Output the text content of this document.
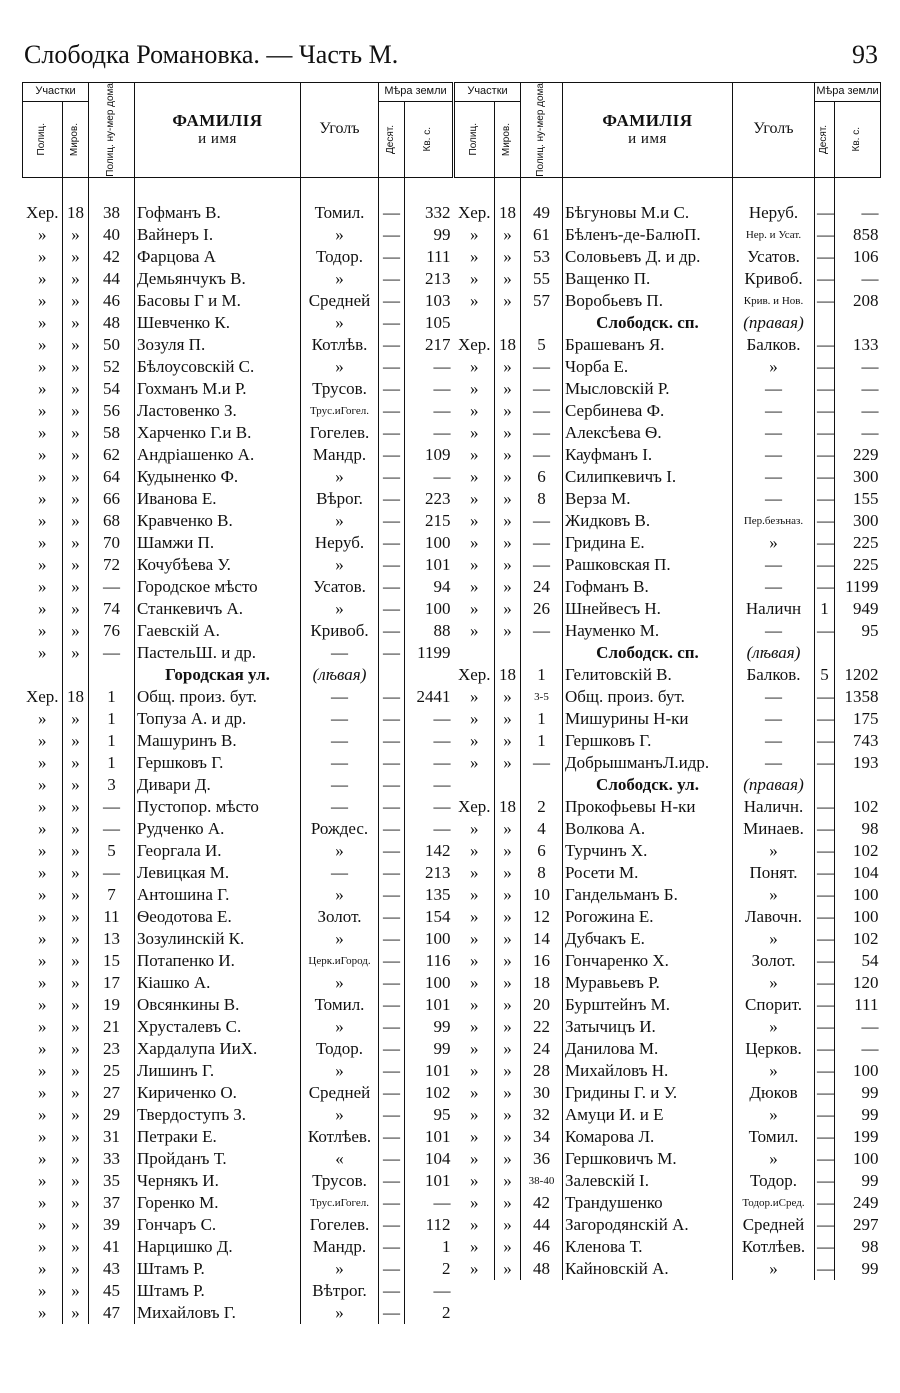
Слободка Романовка. — Часть М.	93
Участки		Полиц. ну-мер дома	ФАМИЛІЯ
и имя	Уголъ	Мѣра земли	

Полиц.	Миров.				Десят.	Кв. с.

Хер.	18	38	Гофманъ В.	Томил.	—	332
»	»	40	Вайнеръ І.	»	—	99
»	»	42	Фарцова А	Тодор.	—	111
»	»	44	Демьянчукъ В.	»	—	213
»	»	46	Басовы Г и М.	Средней	—	103
»	»	48	Шевченко К.	»	—	105
»	»	50	Зозуля П.	Котлѣв.	—	217
»	»	52	Бѣлоусовскій С.	»	—	—
»	»	54	Гохманъ М.и Р.	Трусов.	—	—
»	»	56	Ластовенко З.	Трус.иГогел.	—	—
»	»	58	Харченко Г.и В.	Гогелев.	—	—
»	»	62	Андріашенко А.	Мандр.	—	109
»	»	64	Кудыненко Ф.	»	—	—
»	»	66	Иванова Е.	Вѣрог.	—	223
»	»	68	Кравченко В.	»	—	215
»	»	70	Шамжи П.	Неруб.	—	100
»	»	72	Кочубѣева У.	»	—	101
»	»	—	Городское мѣсто	Усатов.	—	94
»	»	74	Станкевичъ А.	»	—	100
»	»	76	Гаевскій А.	Кривоб.	—	88
»	»	—	ПастельШ. и др.	—	—	1199
			Городская ул.	(лѣвая)		
Хер.	18	1	Общ. произ. бут.	—	—	2441
»	»	1	Топуза А. и др.	—	—	—
»	»	1	Машуринъ В.	—	—	—
»	»	1	Гершковъ Г.	—	—	—
»	»	3	Дивари Д.	—	—	—
»	»	—	Пустопор. мѣсто	—	—	—
»	»	—	Рудченко А.	Рождес.	—	—
»	»	5	Георгала И.	»	—	142
»	»	—	Левицкая М.	—	—	213
»	»	7	Антошина Г.	»	—	135
»	»	11	Ѳеодотова Е.	Золот.	—	154
»	»	13	Зозулинскій К.	»	—	100
»	»	15	Потапенко И.	Церк.иГород.	—	116
»	»	17	Кіашко А.	»	—	100
»	»	19	Овсянкины В.	Томил.	—	101
»	»	21	Хрусталевъ С.	»	—	99
»	»	23	Хардалупа ИиХ.	Тодор.	—	99
»	»	25	Лишинъ Г.	»	—	101
»	»	27	Кириченко О.	Средней	—	102
»	»	29	Твердоступъ З.	»	—	95
»	»	31	Петраки Е.	Котлѣев.	—	101
»	»	33	Пройданъ Т.	«	—	104
»	»	35	Чернякъ И.	Трусов.	—	101
»	»	37	Горенко М.	Трус.иГогел.	—	—
»	»	39	Гончаръ С.	Гогелев.	—	112
»	»	41	Нарцишко Д.	Мандр.	—	1
»	»	43	Штамъ Р.	»	—	2
»	»	45	Штамъ Р.	Вѣтрог.	—	—
»	»	47	Михайловъ Г.	»	—	2
Участки		Полиц. ну-мер дома	ФАМИЛІЯ
и имя	Уголъ	Мѣра земли	

Полиц.	Миров.				Десят.	Кв. с.

Хер.	18	49	Бѣгуновы М.и С.	Неруб.	—	—
»	»	61	Бѣленъ-де-БалюП.	Нер. и Усат.	—	858
»	»	53	Соловьевъ Д. и др.	Усатов.	—	106
»	»	55	Ващенко П.	Кривоб.	—	—
»	»	57	Воробьевъ П.	Крив. и Нов.	—	208
			Слободск. сп.	(правая)		
Хер.	18	5	Брашеванъ Я.	Балков.	—	133
»	»	—	Чорба Е.	»	—	—
»	»	—	Мысловскій Р.	—	—	—
»	»	—	Сербинева Ф.	—	—	—
»	»	—	Алексѣева Ѳ.	—	—	—
»	»	—	Кауфманъ І.	—	—	229
»	»	6	Силипкевичъ І.	—	—	300
»	»	8	Верза М.	—	—	155
»	»	—	Жидковъ В.	Пер.безъназ.	—	300
»	»	—	Гридина Е.	»	—	225
»	»	—	Рашковская П.	—	—	225
»	»	24	Гофманъ В.	—	—	1199
»	»	26	Шнейвесъ Н.	Наличн	1	949
»	»	—	Науменко М.	—	—	95
			Слободск. сп.	(лѣвая)		
Хер.	18	1	Гелитовскій В.	Балков.	5	1202
»	»	3-5	Общ. произ. бут.	—	—	1358
»	»	1	Мишурины Н-ки	—	—	175
»	»	1	Гершковъ Г.	—	—	743
»	»	—	ДобрышманъЛ.идр.	—	—	193
			Слободск. ул.	(правая)		
Хер.	18	2	Прокофьевы Н-ки	Наличн.	—	102
»	»	4	Волкова А.	Минаев.	—	98
»	»	6	Турчинъ Х.	»	—	102
»	»	8	Росети М.	Понят.	—	104
»	»	10	Гандельманъ Б.	»	—	100
»	»	12	Рогожина Е.	Лавочн.	—	100
»	»	14	Дубчакъ Е.	»	—	102
»	»	16	Гончаренко Х.	Золот.	—	54
»	»	18	Муравьевъ Р.	»	—	120
»	»	20	Бурштейнъ М.	Спорит.	—	111
»	»	22	Затычицъ И.	»	—	—
»	»	24	Данилова М.	Церков.	—	—
»	»	28	Михайловъ Н.	»	—	100
»	»	30	Гридины Г. и У.	Дюков	—	99
»	»	32	Амуци И. и Е	»	—	99
»	»	34	Комарова Л.	Томил.	—	199
»	»	36	Гершковичъ М.	»	—	100
»	»	38-40	Залевскій І.	Тодор.	—	99
»	»	42	Трандушенко	Тодор.иСред.	—	249
»	»	44	Загородянскій А.	Средней	—	297
»	»	46	Кленова Т.	Котлѣев.	—	98
»	»	48	Кайновскій А.	»	—	99
